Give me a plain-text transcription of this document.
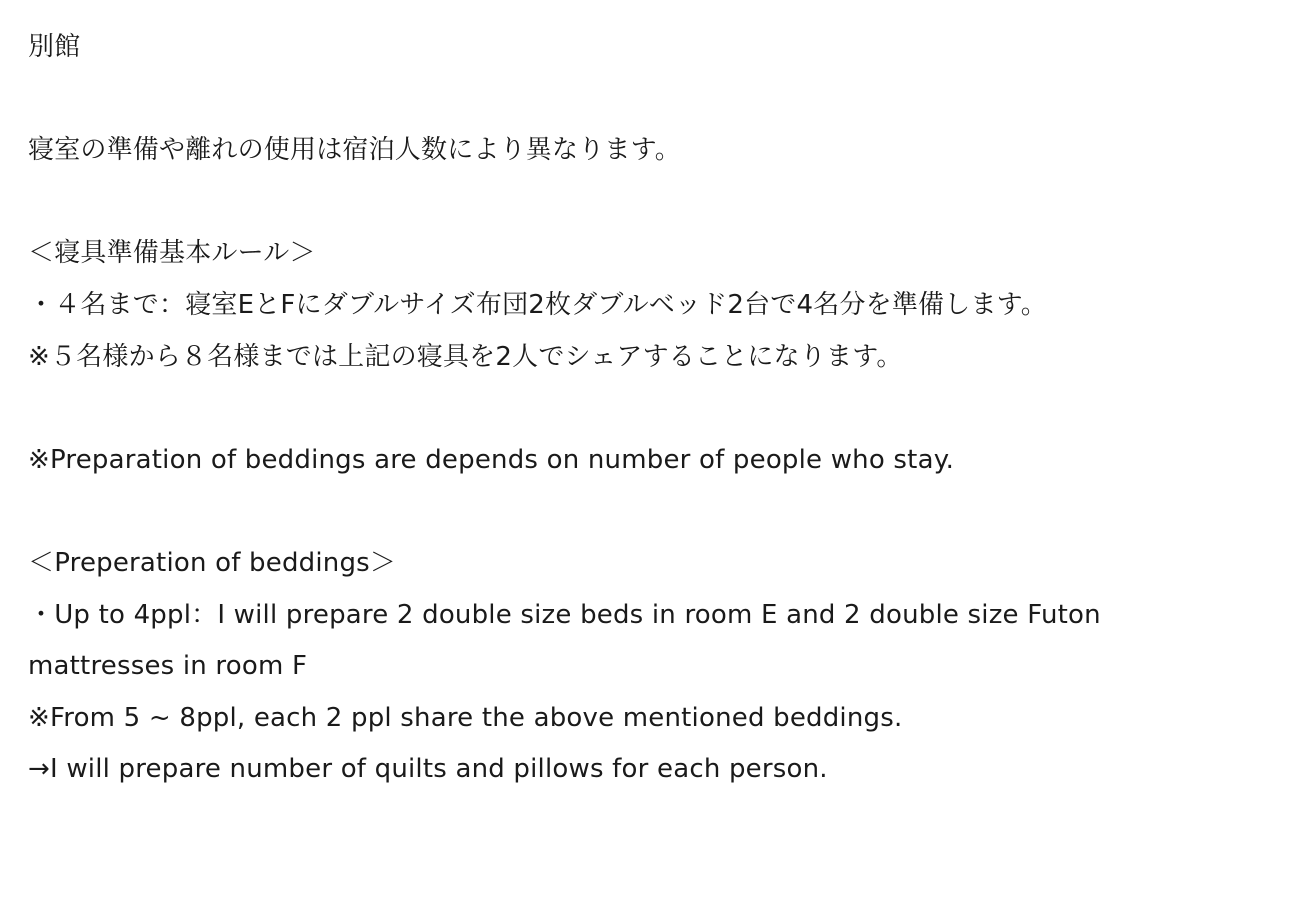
別館
寝室の準備や離れの使用は宿泊人数により異なります。
＜寝具準備基本ルール＞
・４名まで：寝室EとFにダブルサイズ布団2枚ダブルベッド2台で4名分を準備します。
※５名様から８名様までは上記の寝具を2人でシェアすることになります。
※Preparation of beddings are depends on number of people who stay.
＜Preperation of beddings＞
・Up to 4ppl：I will prepare 2 double size beds in room E and 2 double size Futon
mattresses in room F
※From 5 ~ 8ppl, each 2 ppl share the above mentioned beddings.
→I will prepare number of quilts and pillows for each person.
